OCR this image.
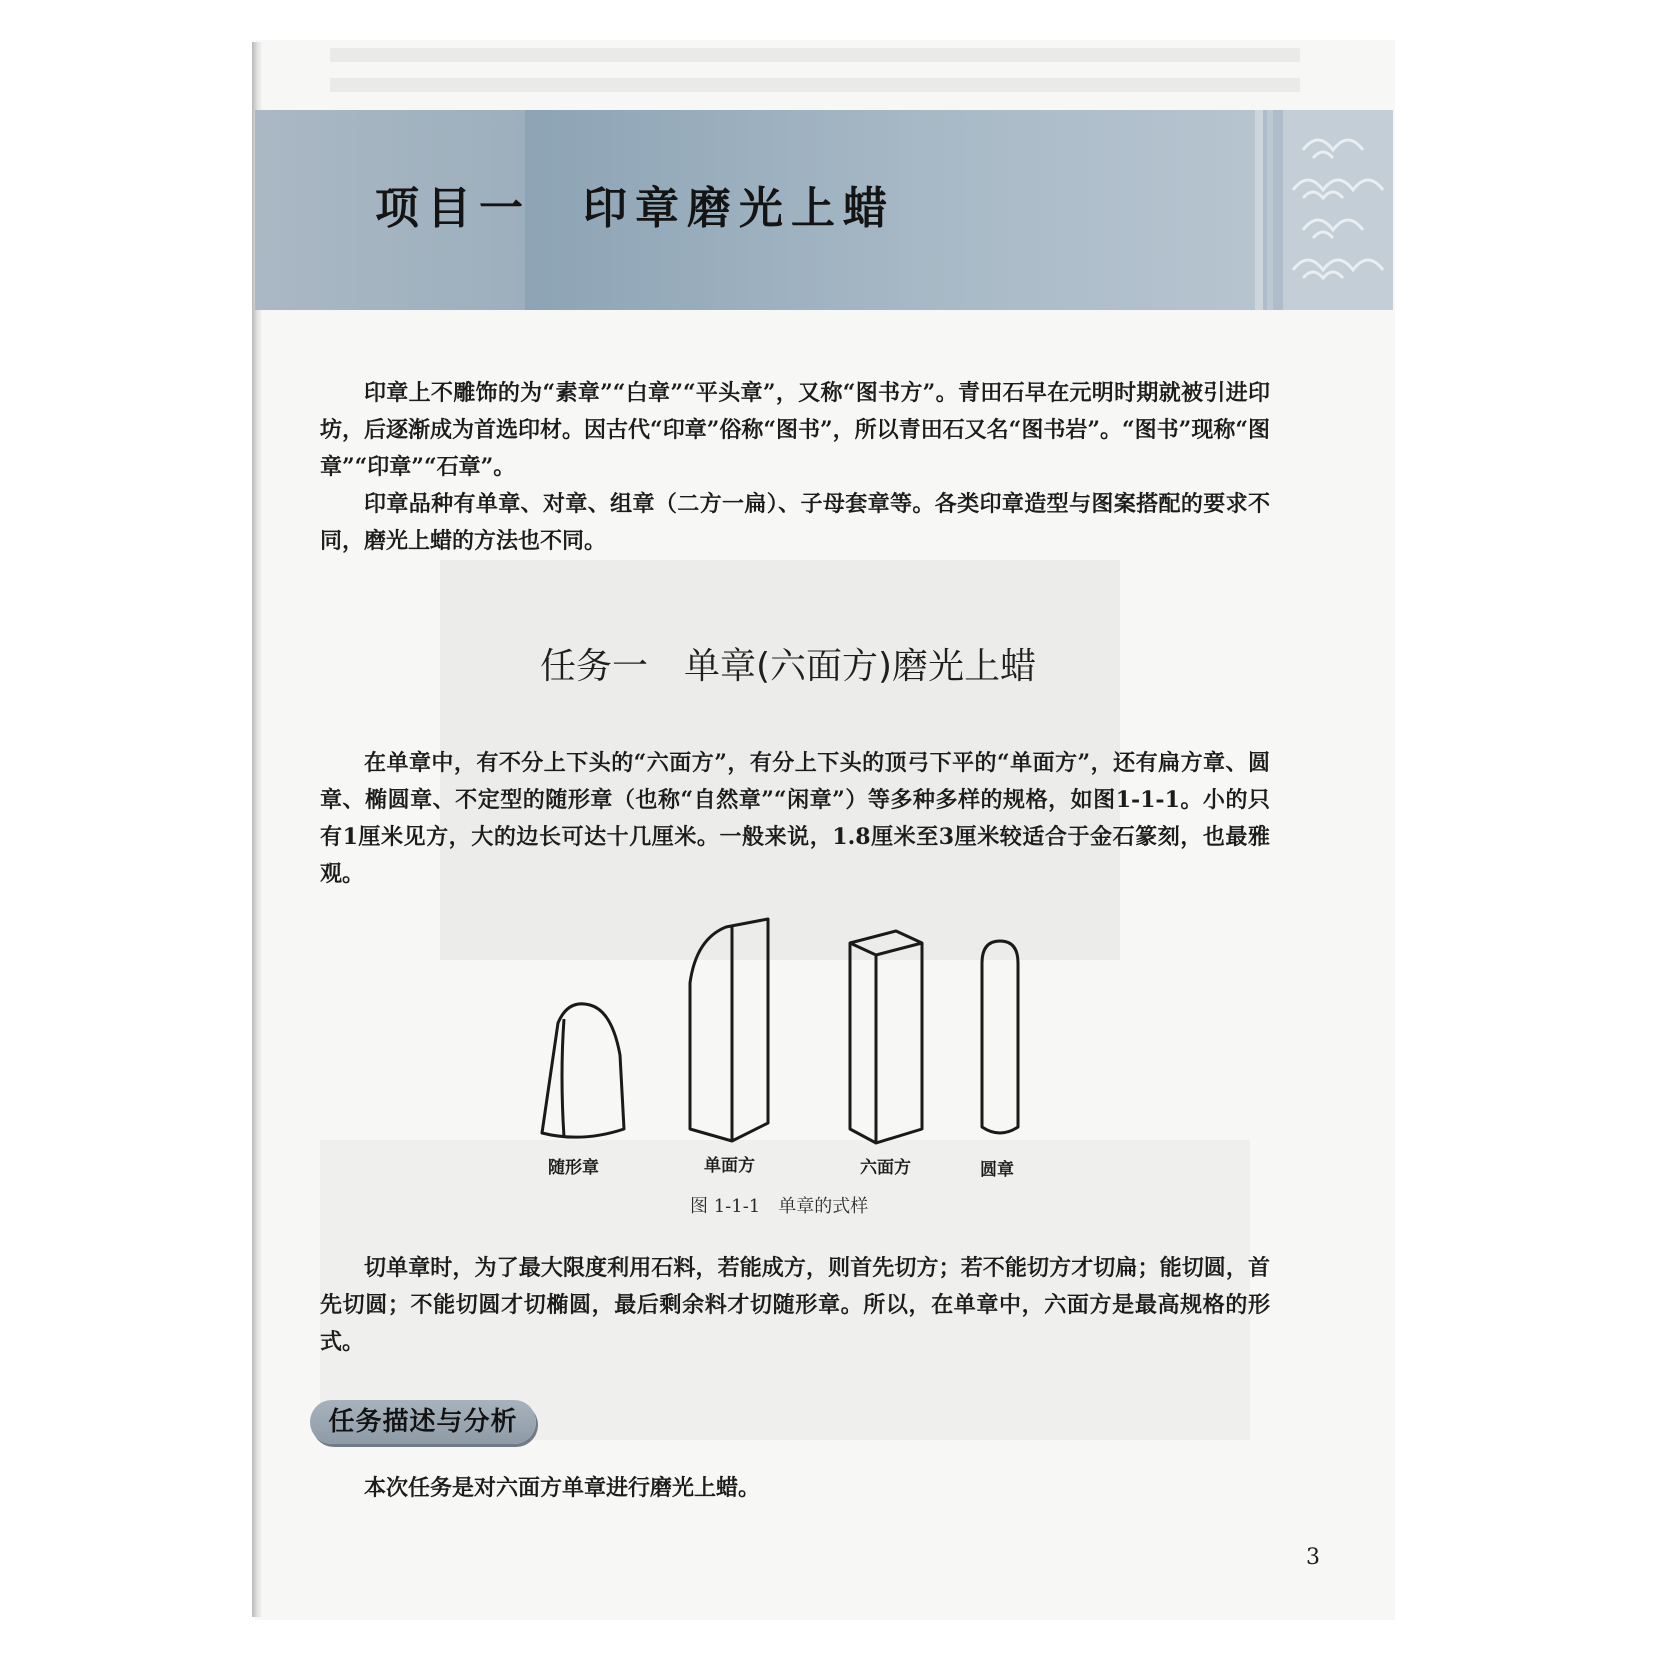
项目一　印章磨光上蜡

印章上不雕饰的为“素章”“白章”“平头章”，又称“图书方”。青田石早在元明时期就被引进印坊，后逐渐成为首选印材。因古代“印章”俗称“图书”，所以青田石又名“图书岩”。“图书”现称“图章”“印章”“石章”。

印章品种有单章、对章、组章（二方一扁）、子母套章等。各类印章造型与图案搭配的要求不同，磨光上蜡的方法也不同。

任务一　单章(六面方)磨光上蜡

在单章中，有不分上下头的“六面方”，有分上下头的顶弓下平的“单面方”，还有扁方章、圆章、椭圆章、不定型的随形章（也称“自然章”“闲章”）等多种多样的规格，如图1-1-1。小的只有1厘米见方，大的边长可达十几厘米。一般来说，1.8厘米至3厘米较适合于金石篆刻，也最雅观。

随形章	单面方	六面方	圆章
图 1-1-1　单章的式样

切单章时，为了最大限度利用石料，若能成方，则首先切方；若不能切方才切扁；能切圆，首先切圆；不能切圆才切椭圆，最后剩余料才切随形章。所以，在单章中，六面方是最高规格的形式。

任务描述与分析

本次任务是对六面方单章进行磨光上蜡。

3
